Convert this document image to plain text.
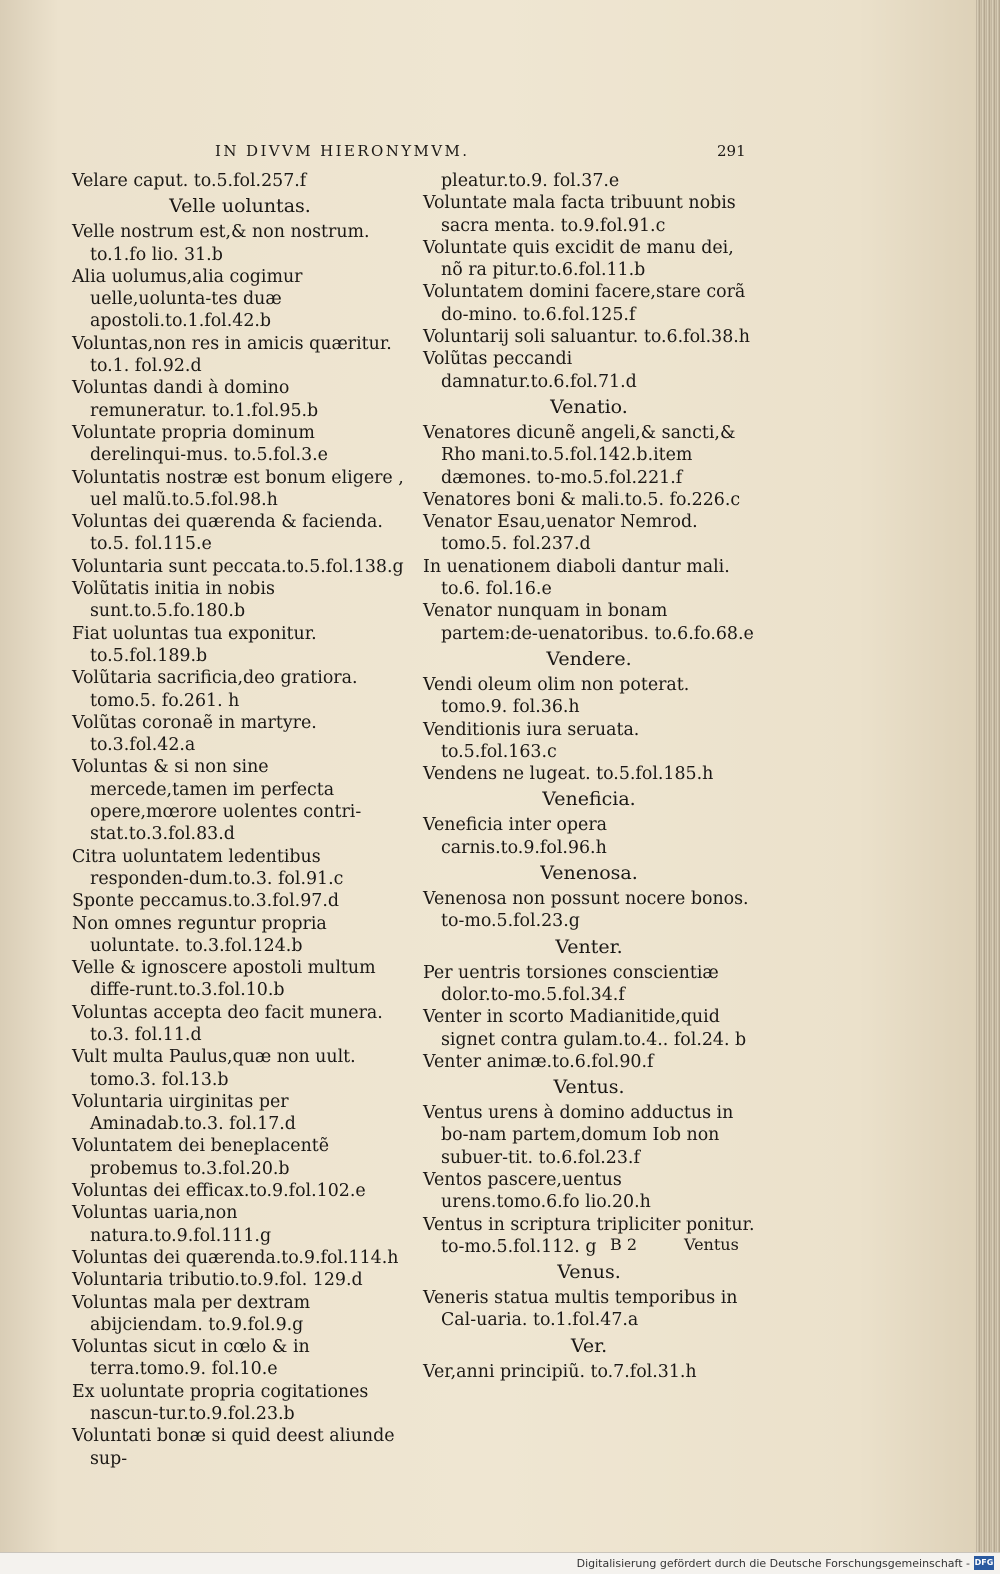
IN DIVVM HIERONYMVM.	291
Velare caput. to.5.fol.257.f
Velle uoluntas.
Velle nostrum est,& non nostrum. to.1.fo lio. 31.b
Alia uolumus,alia cogimur uelle,uolunta-tes duæ apostoli.to.1.fol.42.b
Voluntas,non res in amicis quæritur. to.1. fol.92.d
Voluntas dandi à domino remuneratur. to.1.fol.95.b
Voluntate propria dominum derelinqui-mus. to.5.fol.3.e
Voluntatis nostræ est bonum eligere , uel malũ.to.5.fol.98.h
Voluntas dei quærenda & facienda. to.5. fol.115.e
Voluntaria sunt peccata.to.5.fol.138.g
Volũtatis initia in nobis sunt.to.5.fo.180.b
Fiat uoluntas tua exponitur. to.5.fol.189.b
Volũtaria sacrificia,deo gratiora. tomo.5. fo.261. h
Volũtas coronaẽ in martyre. to.3.fol.42.a
Voluntas & si non sine mercede,tamen im perfecta opere,mœrore uolentes contri-stat.to.3.fol.83.d
Citra uoluntatem ledentibus responden-dum.to.3. fol.91.c
Sponte peccamus.to.3.fol.97.d
Non omnes reguntur propria uoluntate. to.3.fol.124.b
Velle & ignoscere apostoli multum diffe-runt.to.3.fol.10.b
Voluntas accepta deo facit munera. to.3. fol.11.d
Vult multa Paulus,quæ non uult. tomo.3. fol.13.b
Voluntaria uirginitas per Aminadab.to.3. fol.17.d
Voluntatem dei beneplacentẽ probemus to.3.fol.20.b
Voluntas dei efficax.to.9.fol.102.e
Voluntas uaria,non natura.to.9.fol.111.g
Voluntas dei quærenda.to.9.fol.114.h
Voluntaria tributio.to.9.fol. 129.d
Voluntas mala per dextram abijciendam. to.9.fol.9.g
Voluntas sicut in cœlo & in terra.tomo.9. fol.10.e
Ex uoluntate propria cogitationes nascun-tur.to.9.fol.23.b
Voluntati bonæ si quid deest aliunde sup-
pleatur.to.9. fol.37.e
Voluntate mala facta tribuunt nobis sacra menta. to.9.fol.91.c
Voluntate quis excidit de manu dei, nõ ra pitur.to.6.fol.11.b
Voluntatem domini facere,stare corã do-mino. to.6.fol.125.f
Voluntarij soli saluantur. to.6.fol.38.h
Volũtas peccandi damnatur.to.6.fol.71.d
Venatio.
Venatores dicunẽ angeli,& sancti,& Rho mani.to.5.fol.142.b.item dæmones. to-mo.5.fol.221.f
Venatores boni & mali.to.5. fo.226.c
Venator Esau,uenator Nemrod. tomo.5. fol.237.d
In uenationem diaboli dantur mali. to.6. fol.16.e
Venator nunquam in bonam partem:de-uenatoribus. to.6.fo.68.e
Vendere.
Vendi oleum olim non poterat. tomo.9. fol.36.h
Venditionis iura seruata. to.5.fol.163.c
Vendens ne lugeat. to.5.fol.185.h
Veneficia.
Veneficia inter opera carnis.to.9.fol.96.h
Venenosa.
Venenosa non possunt nocere bonos. to-mo.5.fol.23.g
Venter.
Per uentris torsiones conscientiæ dolor.to-mo.5.fol.34.f
Venter in scorto Madianitide,quid signet contra gulam.to.4.. fol.24. b
Venter animæ.to.6.fol.90.f
Ventus.
Ventus urens à domino adductus in bo-nam partem,domum Iob non subuer-tit. to.6.fol.23.f
Ventos pascere,uentus urens.tomo.6.fo lio.20.h
Ventus in scriptura tripliciter ponitur. to-mo.5.fol.112. g
Venus.
Veneris statua multis temporibus in Cal-uaria. to.1.fol.47.a
Ver.
Ver,anni principiũ. to.7.fol.31.h
B 2	Ventus
Digitalisierung gefördert durch die Deutsche Forschungsgemeinschaft - DFG
